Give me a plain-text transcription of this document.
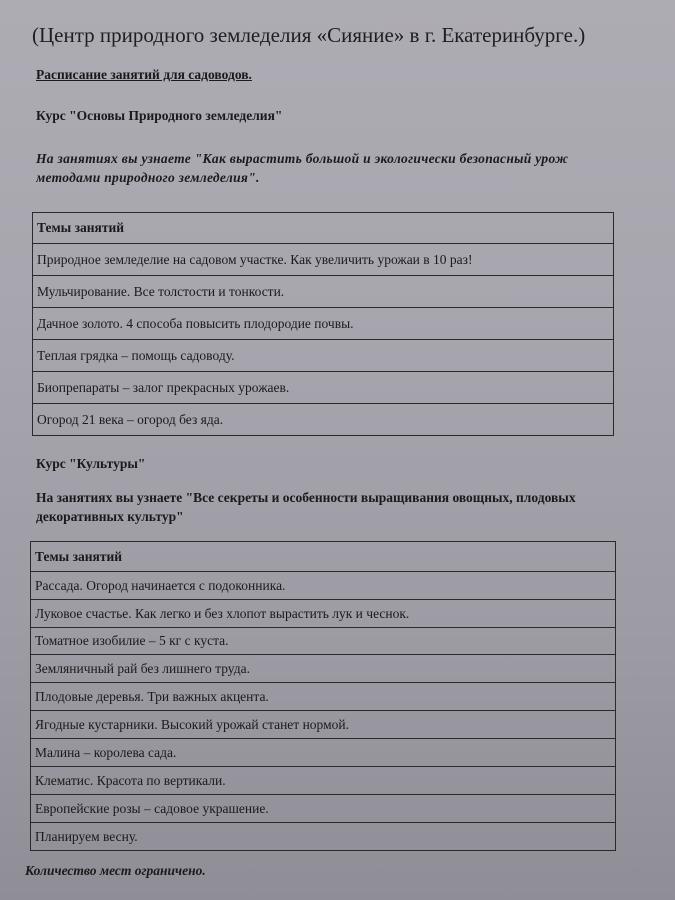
(Центр природного земледелия «Сияние» в г. Екатеринбурге.)
Расписание занятий для садоводов.
Курс "Основы Природного земледелия"
На занятиях вы узнаете "Как вырастить большой и экологически безопасный урож
методами природного земледелия".
Темы занятий
Природное земледелие на садовом участке. Как увеличить урожаи в 10 раз!
Мульчирование. Все толстости и тонкости.
Дачное золото. 4 способа повысить плодородие почвы.
Теплая грядка – помощь садоводу.
Биопрепараты – залог прекрасных урожаев.
Огород 21 века – огород без яда.
Курс "Культуры"
На занятиях вы узнаете "Все секреты и особенности выращивания овощных, плодовых
декоративных культур"
Темы занятий
Рассада. Огород начинается с подоконника.
Луковое счастье. Как легко и без хлопот вырастить лук и чеснок.
Томатное изобилие – 5 кг с куста.
Земляничный рай без лишнего труда.
Плодовые деревья. Три важных акцента.
Ягодные кустарники. Высокий урожай станет нормой.
Малина – королева сада.
Клематис. Красота по вертикали.
Европейские розы – садовое украшение.
Планируем весну.
Количество мест ограничено.
